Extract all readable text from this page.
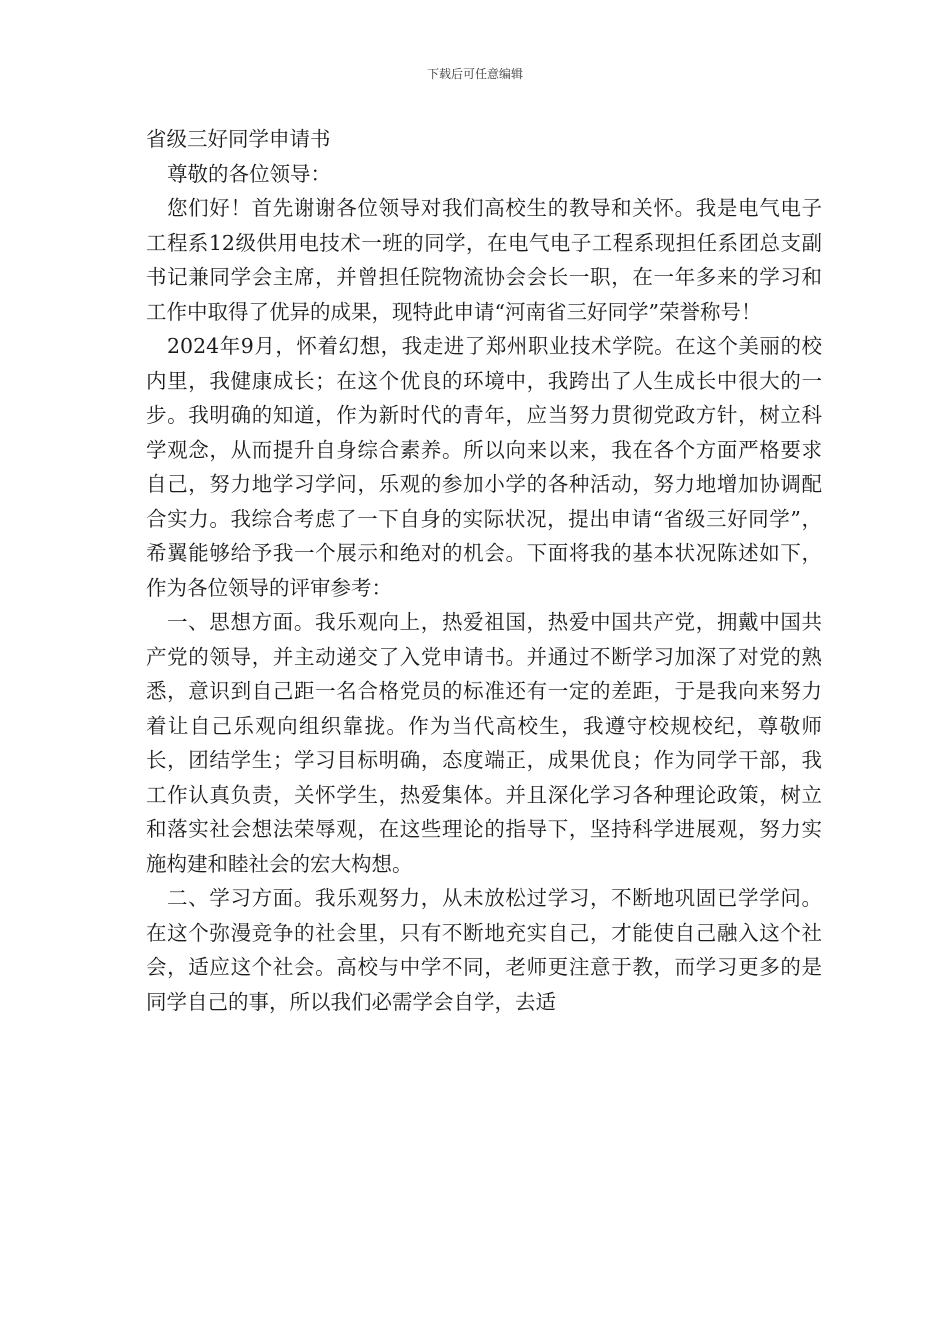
下载后可任意编辑
省级三好同学申请书

尊敬的各位领导：

您们好！首先谢谢各位领导对我们高校生的教导和关怀。我是电气电子工程系12级供用电技术一班的同学，在电气电子工程系现担任系团总支副书记兼同学会主席，并曾担任院物流协会会长一职，在一年多来的学习和工作中取得了优异的成果，现特此申请“河南省三好同学”荣誉称号！

2024年9月，怀着幻想，我走进了郑州职业技术学院。在这个美丽的校内里，我健康成长；在这个优良的环境中，我跨出了人生成长中很大的一步。我明确的知道，作为新时代的青年，应当努力贯彻党政方针，树立科学观念，从而提升自身综合素养。所以向来以来，我在各个方面严格要求自己，努力地学习学问，乐观的参加小学的各种活动，努力地增加协调配合实力。我综合考虑了一下自身的实际状况，提出申请“省级三好同学”，希翼能够给予我一个展示和绝对的机会。下面将我的基本状况陈述如下，作为各位领导的评审参考：

一、思想方面。我乐观向上，热爱祖国，热爱中国共产党，拥戴中国共产党的领导，并主动递交了入党申请书。并通过不断学习加深了对党的熟悉，意识到自己距一名合格党员的标准还有一定的差距，于是我向来努力着让自己乐观向组织靠拢。作为当代高校生，我遵守校规校纪，尊敬师长，团结学生；学习目标明确，态度端正，成果优良；作为同学干部，我工作认真负责，关怀学生，热爱集体。并且深化学习各种理论政策，树立和落实社会想法荣辱观，在这些理论的指导下，坚持科学进展观，努力实施构建和睦社会的宏大构想。

二、学习方面。我乐观努力，从未放松过学习，不断地巩固已学学问。在这个弥漫竞争的社会里，只有不断地充实自己，才能使自己融入这个社会，适应这个社会。高校与中学不同，老师更注意于教，而学习更多的是同学自己的事，所以我们必需学会自学，去适
